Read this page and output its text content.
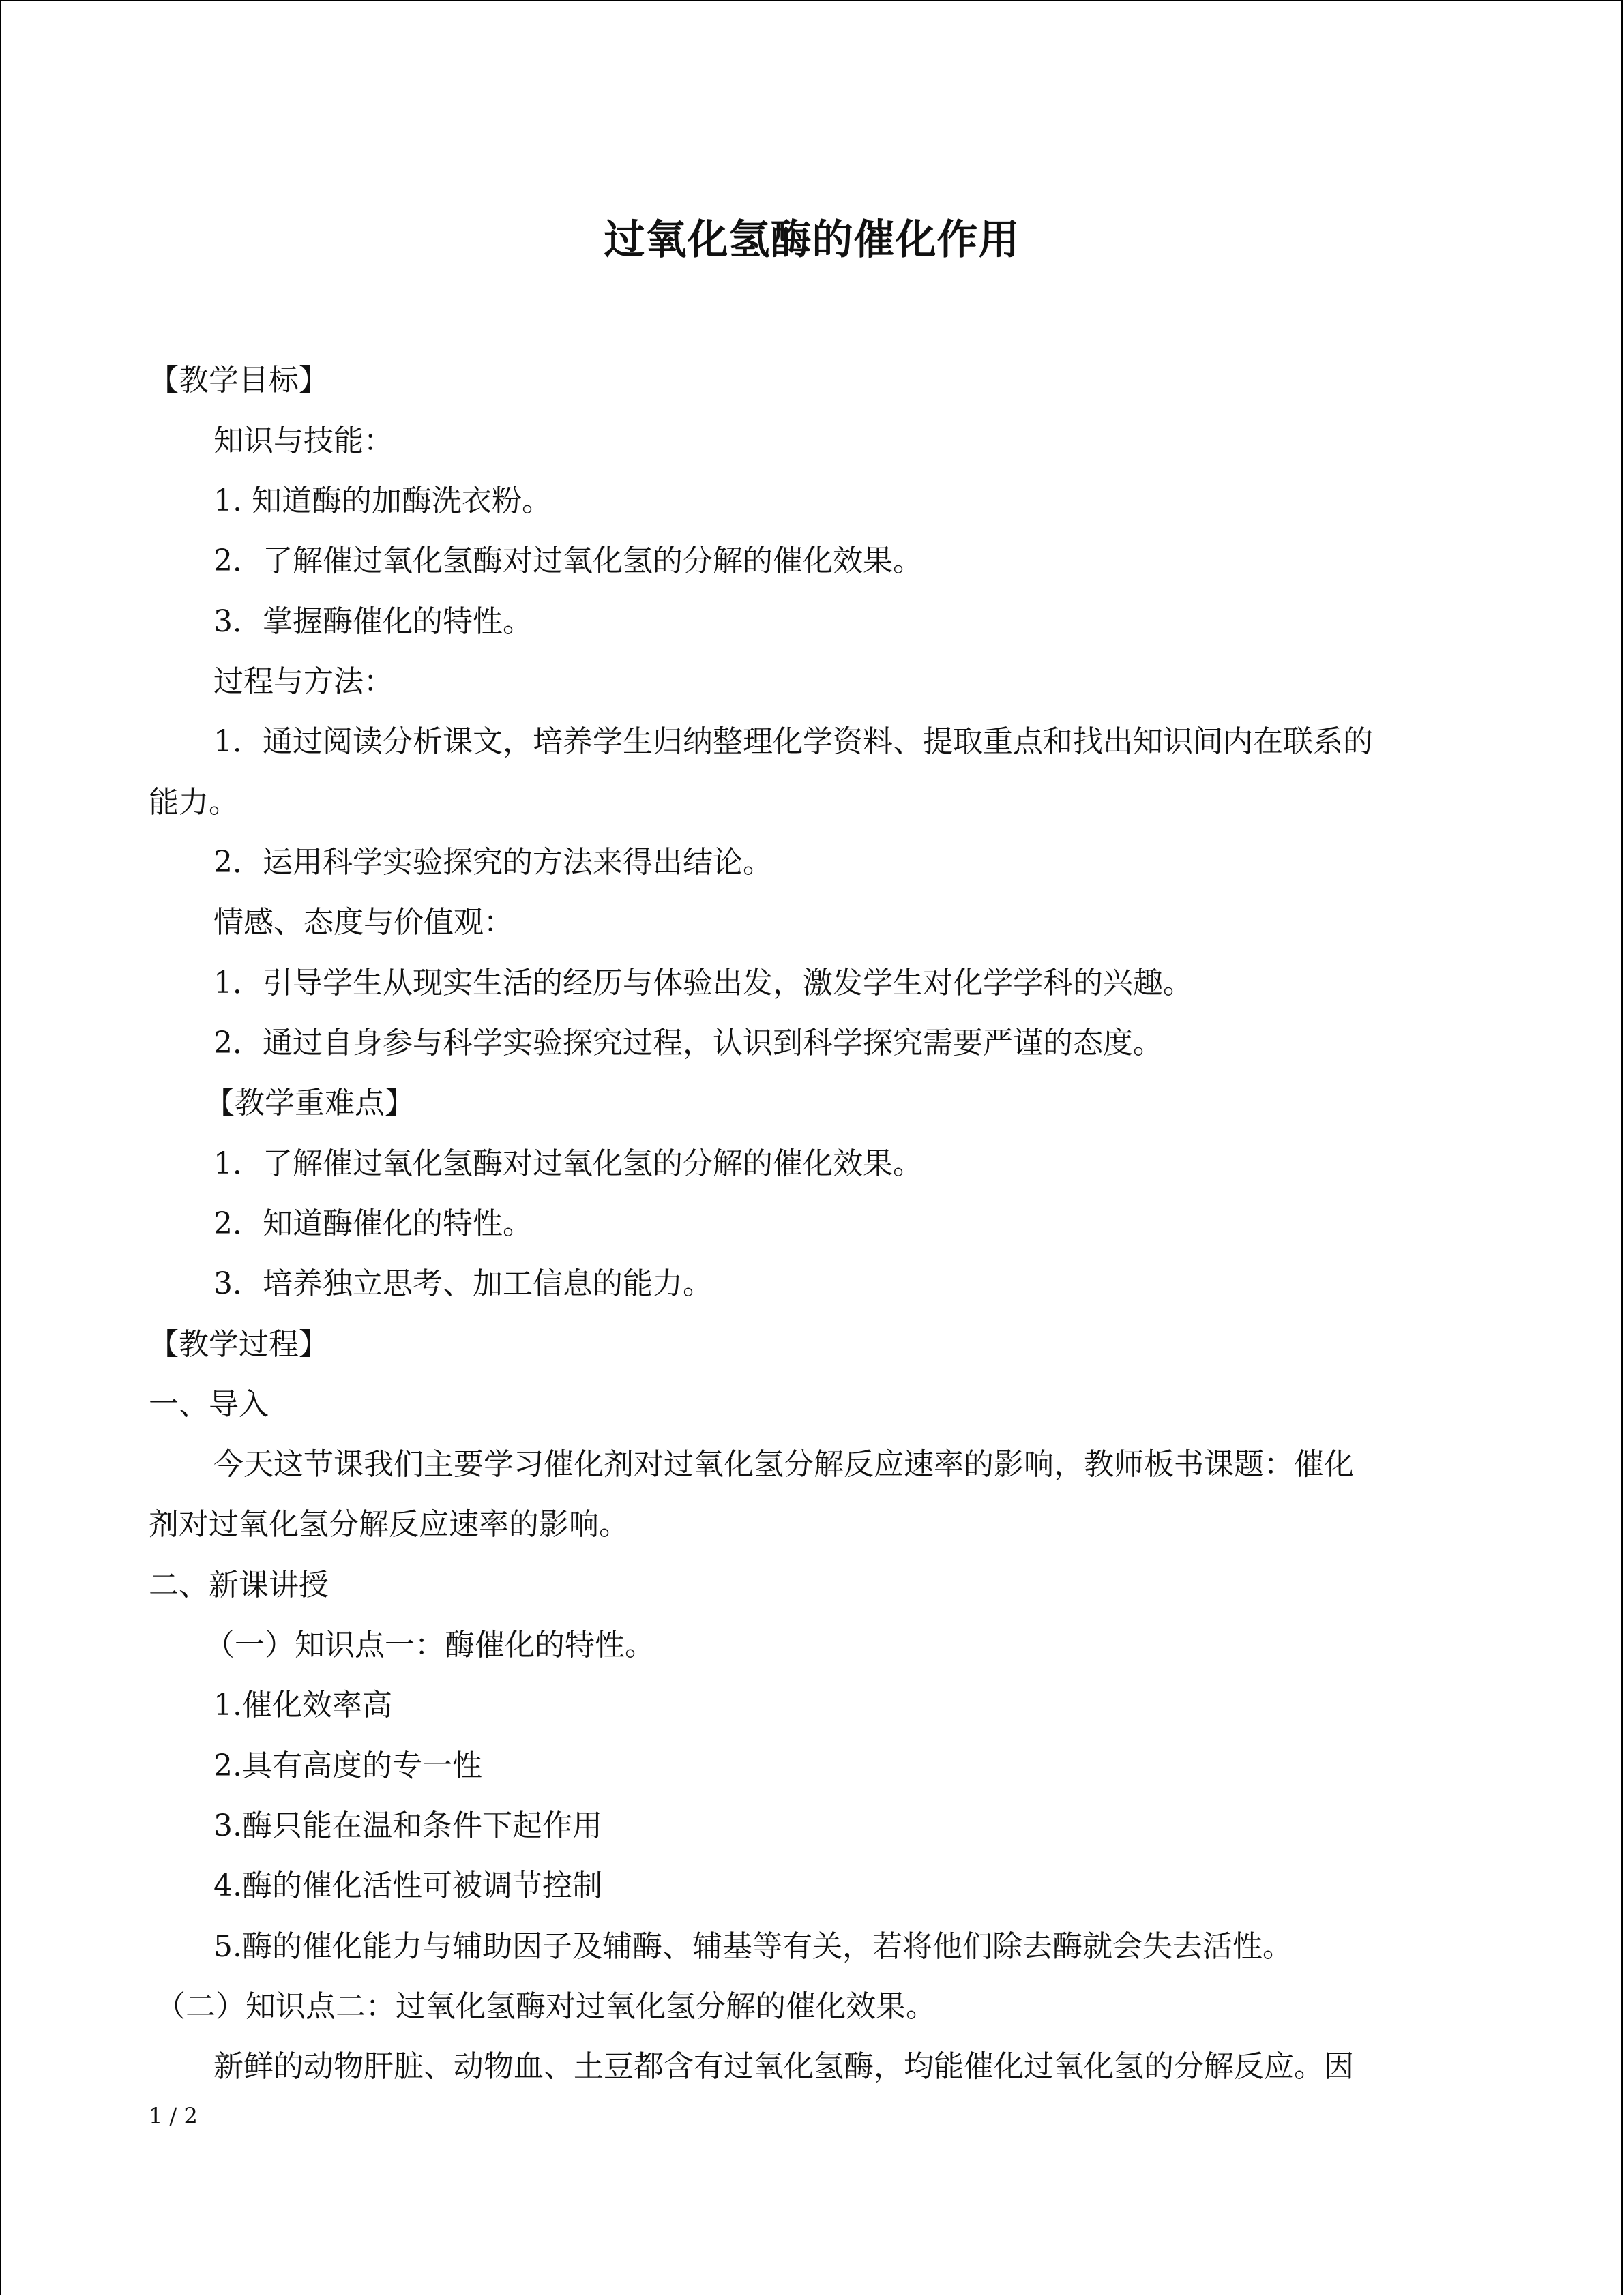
过氧化氢酶的催化作用
【教学目标】
知识与技能：
1. 知道酶的加酶洗衣粉。
2．了解催过氧化氢酶对过氧化氢的分解的催化效果。
3．掌握酶催化的特性。
过程与方法：
1．通过阅读分析课文，培养学生归纳整理化学资料、提取重点和找出知识间内在联系的
能力。
2．运用科学实验探究的方法来得出结论。
情感、态度与价值观：
1．引导学生从现实生活的经历与体验出发，激发学生对化学学科的兴趣。
2．通过自身参与科学实验探究过程，认识到科学探究需要严谨的态度。
【教学重难点】
1．了解催过氧化氢酶对过氧化氢的分解的催化效果。
2．知道酶催化的特性。
3．培养独立思考、加工信息的能力。
【教学过程】
一、导入
今天这节课我们主要学习催化剂对过氧化氢分解反应速率的影响，教师板书课题：催化
剂对过氧化氢分解反应速率的影响。
二、新课讲授
（一）知识点一：酶催化的特性。
1.催化效率高
2.具有高度的专一性
3.酶只能在温和条件下起作用
4.酶的催化活性可被调节控制
5.酶的催化能力与辅助因子及辅酶、辅基等有关，若将他们除去酶就会失去活性。
（二）知识点二：过氧化氢酶对过氧化氢分解的催化效果。
新鲜的动物肝脏、动物血、土豆都含有过氧化氢酶，均能催化过氧化氢的分解反应。因
1 / 2
